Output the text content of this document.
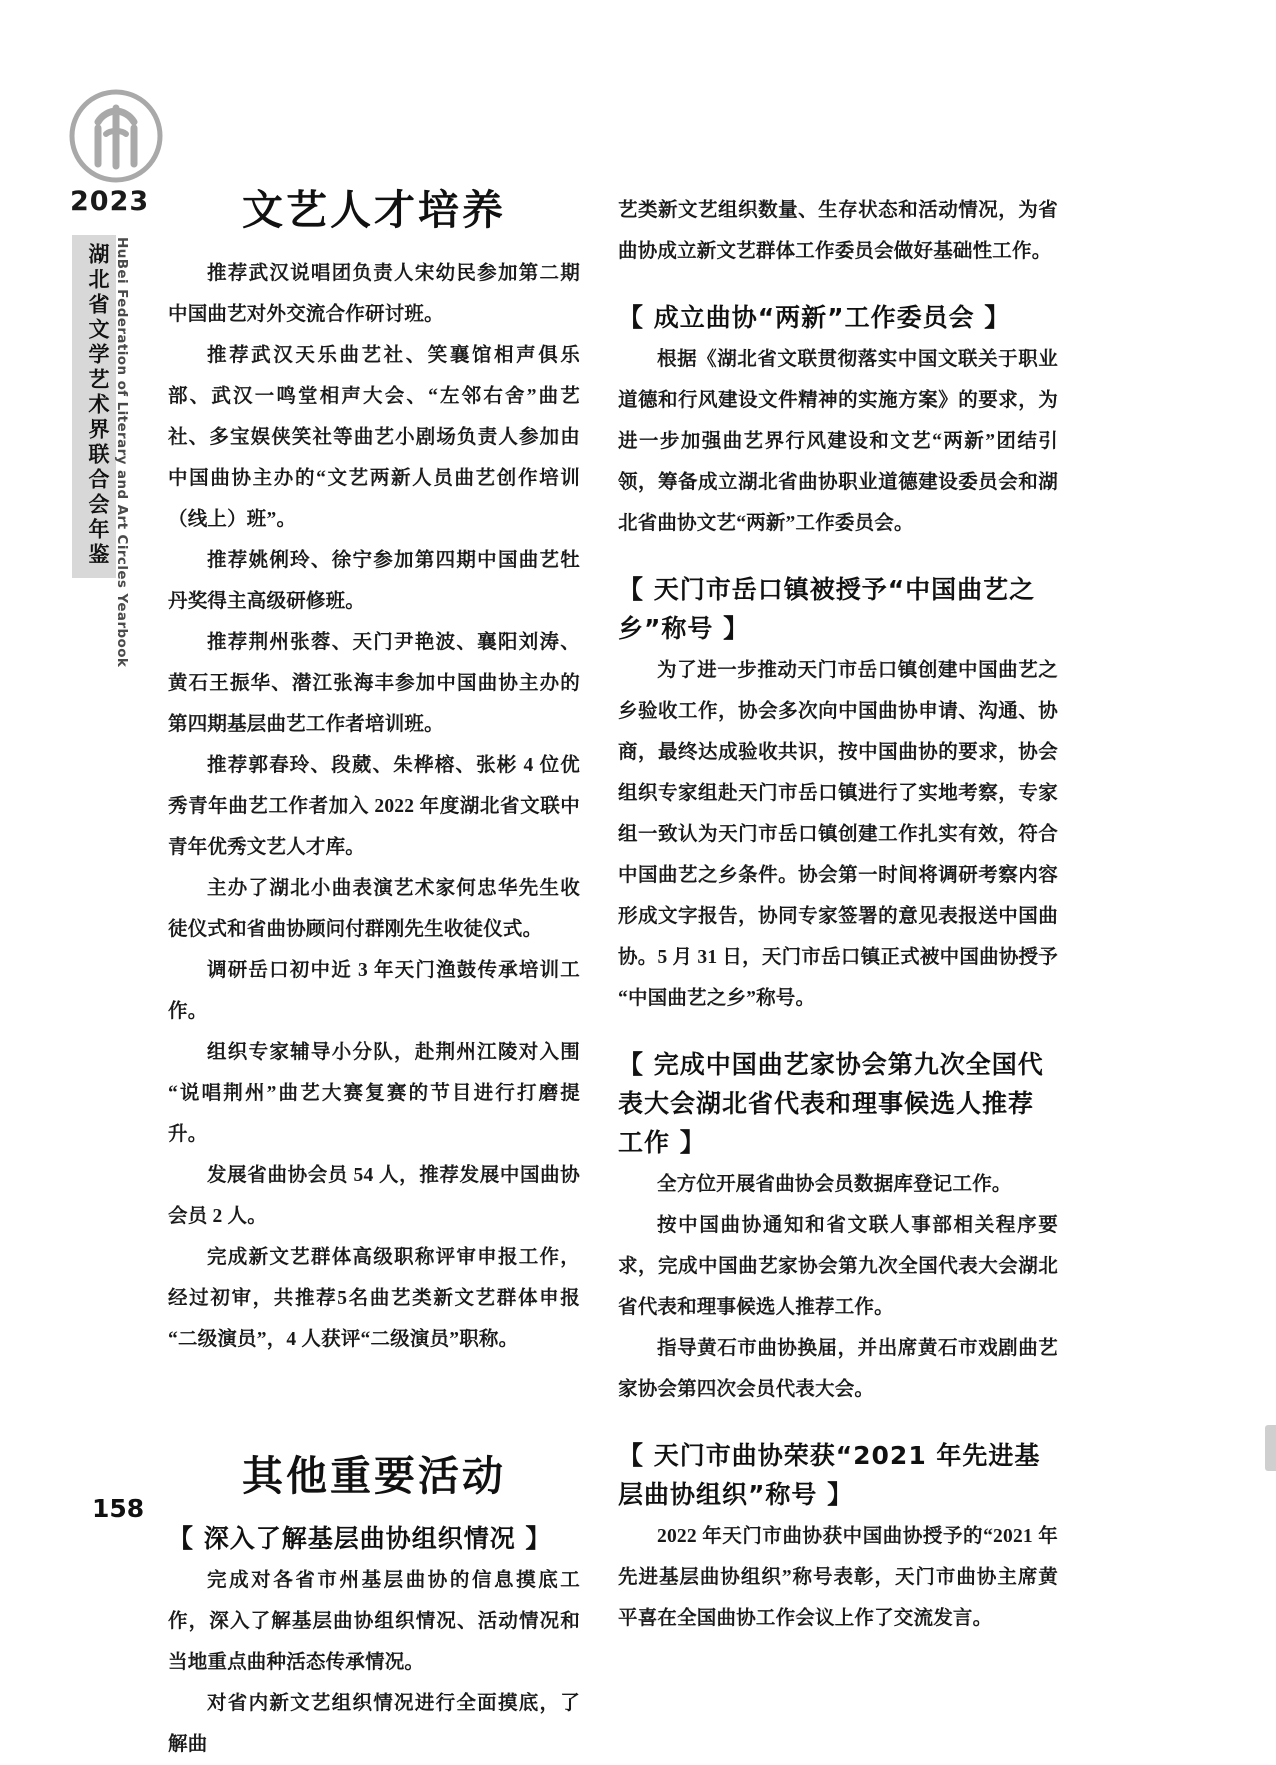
2023
湖北省文学艺术界联合会年鉴 HuBei Federation of Literary and Art Circles Yearbook
文艺人才培养

推荐武汉说唱团负责人宋幼民参加第二期中国曲艺对外交流合作研讨班。

推荐武汉天乐曲艺社、笑襄馆相声俱乐部、武汉一鸣堂相声大会、“左邻右舍”曲艺社、多宝娱侠笑社等曲艺小剧场负责人参加由中国曲协主办的“文艺两新人员曲艺创作培训（线上）班”。

推荐姚俐玲、徐宁参加第四期中国曲艺牡丹奖得主高级研修班。

推荐荆州张蓉、天门尹艳波、襄阳刘涛、黄石王振华、潜江张海丰参加中国曲协主办的第四期基层曲艺工作者培训班。

推荐郭春玲、段葳、朱桦榕、张彬 4 位优秀青年曲艺工作者加入 2022 年度湖北省文联中青年优秀文艺人才库。

主办了湖北小曲表演艺术家何忠华先生收徒仪式和省曲协顾问付群刚先生收徒仪式。

调研岳口初中近 3 年天门渔鼓传承培训工作。

组织专家辅导小分队，赴荆州江陵对入围“说唱荆州”曲艺大赛复赛的节目进行打磨提升。

发展省曲协会员 54 人，推荐发展中国曲协会员 2 人。

完成新文艺群体高级职称评审申报工作，经过初审，共推荐5名曲艺类新文艺群体申报“二级演员”，4 人获评“二级演员”职称。

其他重要活动
【 深入了解基层曲协组织情况 】

完成对各省市州基层曲协的信息摸底工作，深入了解基层曲协组织情况、活动情况和当地重点曲种活态传承情况。

对省内新文艺组织情况进行全面摸底，了解曲

艺类新文艺组织数量、生存状态和活动情况，为省曲协成立新文艺群体工作委员会做好基础性工作。

【 成立曲协“两新”工作委员会 】

根据《湖北省文联贯彻落实中国文联关于职业道德和行风建设文件精神的实施方案》的要求，为进一步加强曲艺界行风建设和文艺“两新”团结引领，筹备成立湖北省曲协职业道德建设委员会和湖北省曲协文艺“两新”工作委员会。

【 天门市岳口镇被授予“中国曲艺之乡”称号 】

为了进一步推动天门市岳口镇创建中国曲艺之乡验收工作，协会多次向中国曲协申请、沟通、协商，最终达成验收共识，按中国曲协的要求，协会组织专家组赴天门市岳口镇进行了实地考察，专家组一致认为天门市岳口镇创建工作扎实有效，符合中国曲艺之乡条件。协会第一时间将调研考察内容形成文字报告，协同专家签署的意见表报送中国曲协。5 月 31 日，天门市岳口镇正式被中国曲协授予“中国曲艺之乡”称号。

【 完成中国曲艺家协会第九次全国代表大会湖北省代表和理事候选人推荐工作 】

全方位开展省曲协会员数据库登记工作。

按中国曲协通知和省文联人事部相关程序要求，完成中国曲艺家协会第九次全国代表大会湖北省代表和理事候选人推荐工作。

指导黄石市曲协换届，并出席黄石市戏剧曲艺家协会第四次会员代表大会。

【 天门市曲协荣获“2021 年先进基层曲协组织”称号 】

2022 年天门市曲协获中国曲协授予的“2021 年先进基层曲协组织”称号表彰，天门市曲协主席黄平喜在全国曲协工作会议上作了交流发言。

158
